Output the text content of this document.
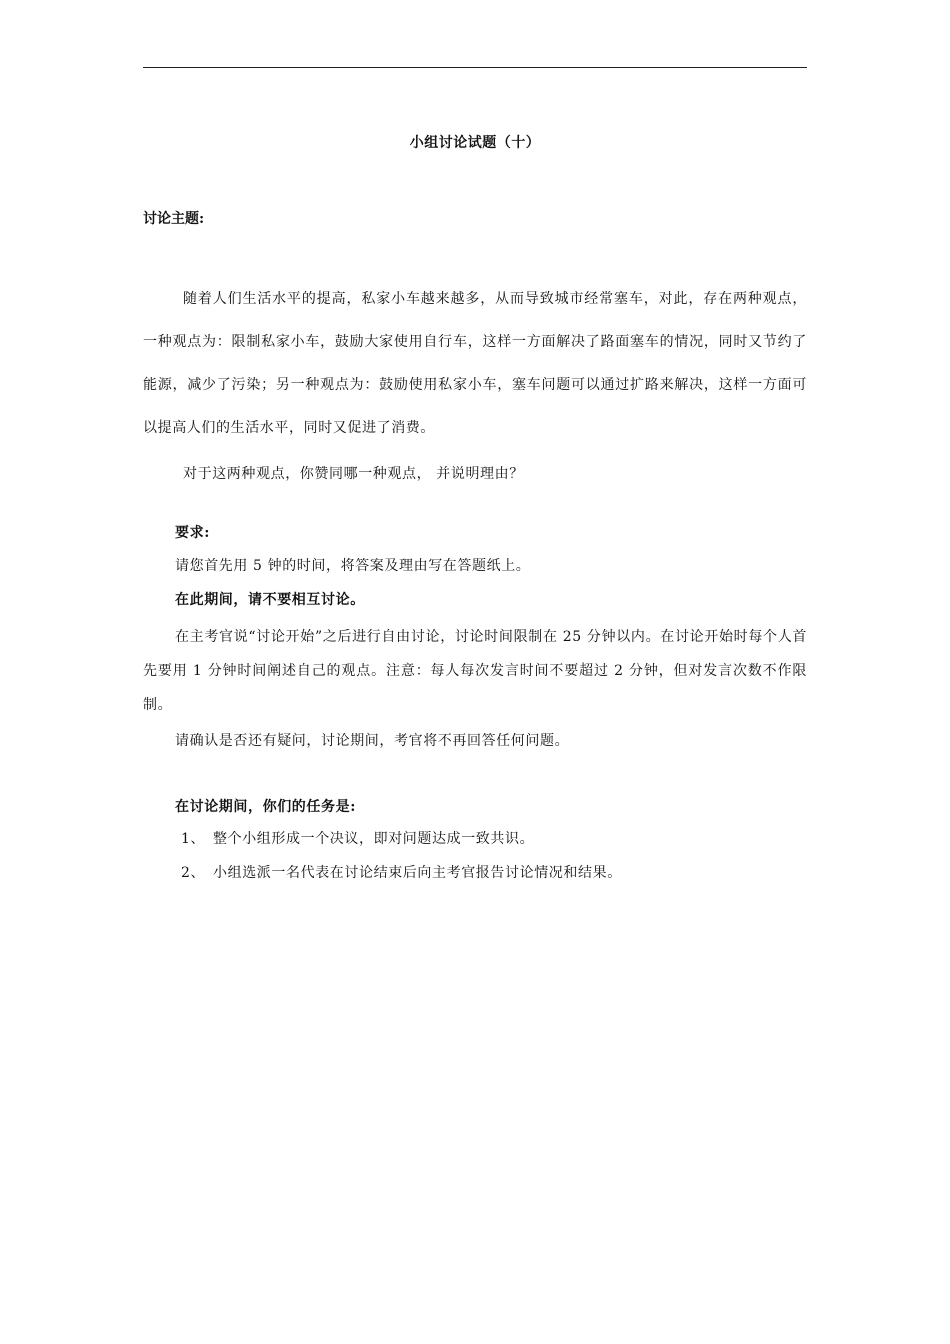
小组讨论试题（十）
讨论主题:
随着人们生活水平的提高，私家小车越来越多，从而导致城市经常塞车，对此，存在两种观点，一种观点为：限制私家小车，鼓励大家使用自行车，这样一方面解决了路面塞车的情况，同时又节约了能源，减少了污染；另一种观点为：鼓励使用私家小车，塞车问题可以通过扩路来解决，这样一方面可以提高人们的生活水平，同时又促进了消费。
对于这两种观点，你赞同哪一种观点， 并说明理由？
要求:
请您首先用 5 钟的时间，将答案及理由写在答题纸上。
在此期间，请不要相互讨论。
在主考官说“讨论开始”之后进行自由讨论，讨论时间限制在 25 分钟以内。在讨论开始时每个人首先要用 1 分钟时间阐述自己的观点。注意：每人每次发言时间不要超过 2 分钟，但对发言次数不作限制。
请确认是否还有疑问，讨论期间，考官将不再回答任何问题。
在讨论期间，你们的任务是:
1、 整个小组形成一个决议，即对问题达成一致共识。
2、 小组选派一名代表在讨论结束后向主考官报告讨论情况和结果。
